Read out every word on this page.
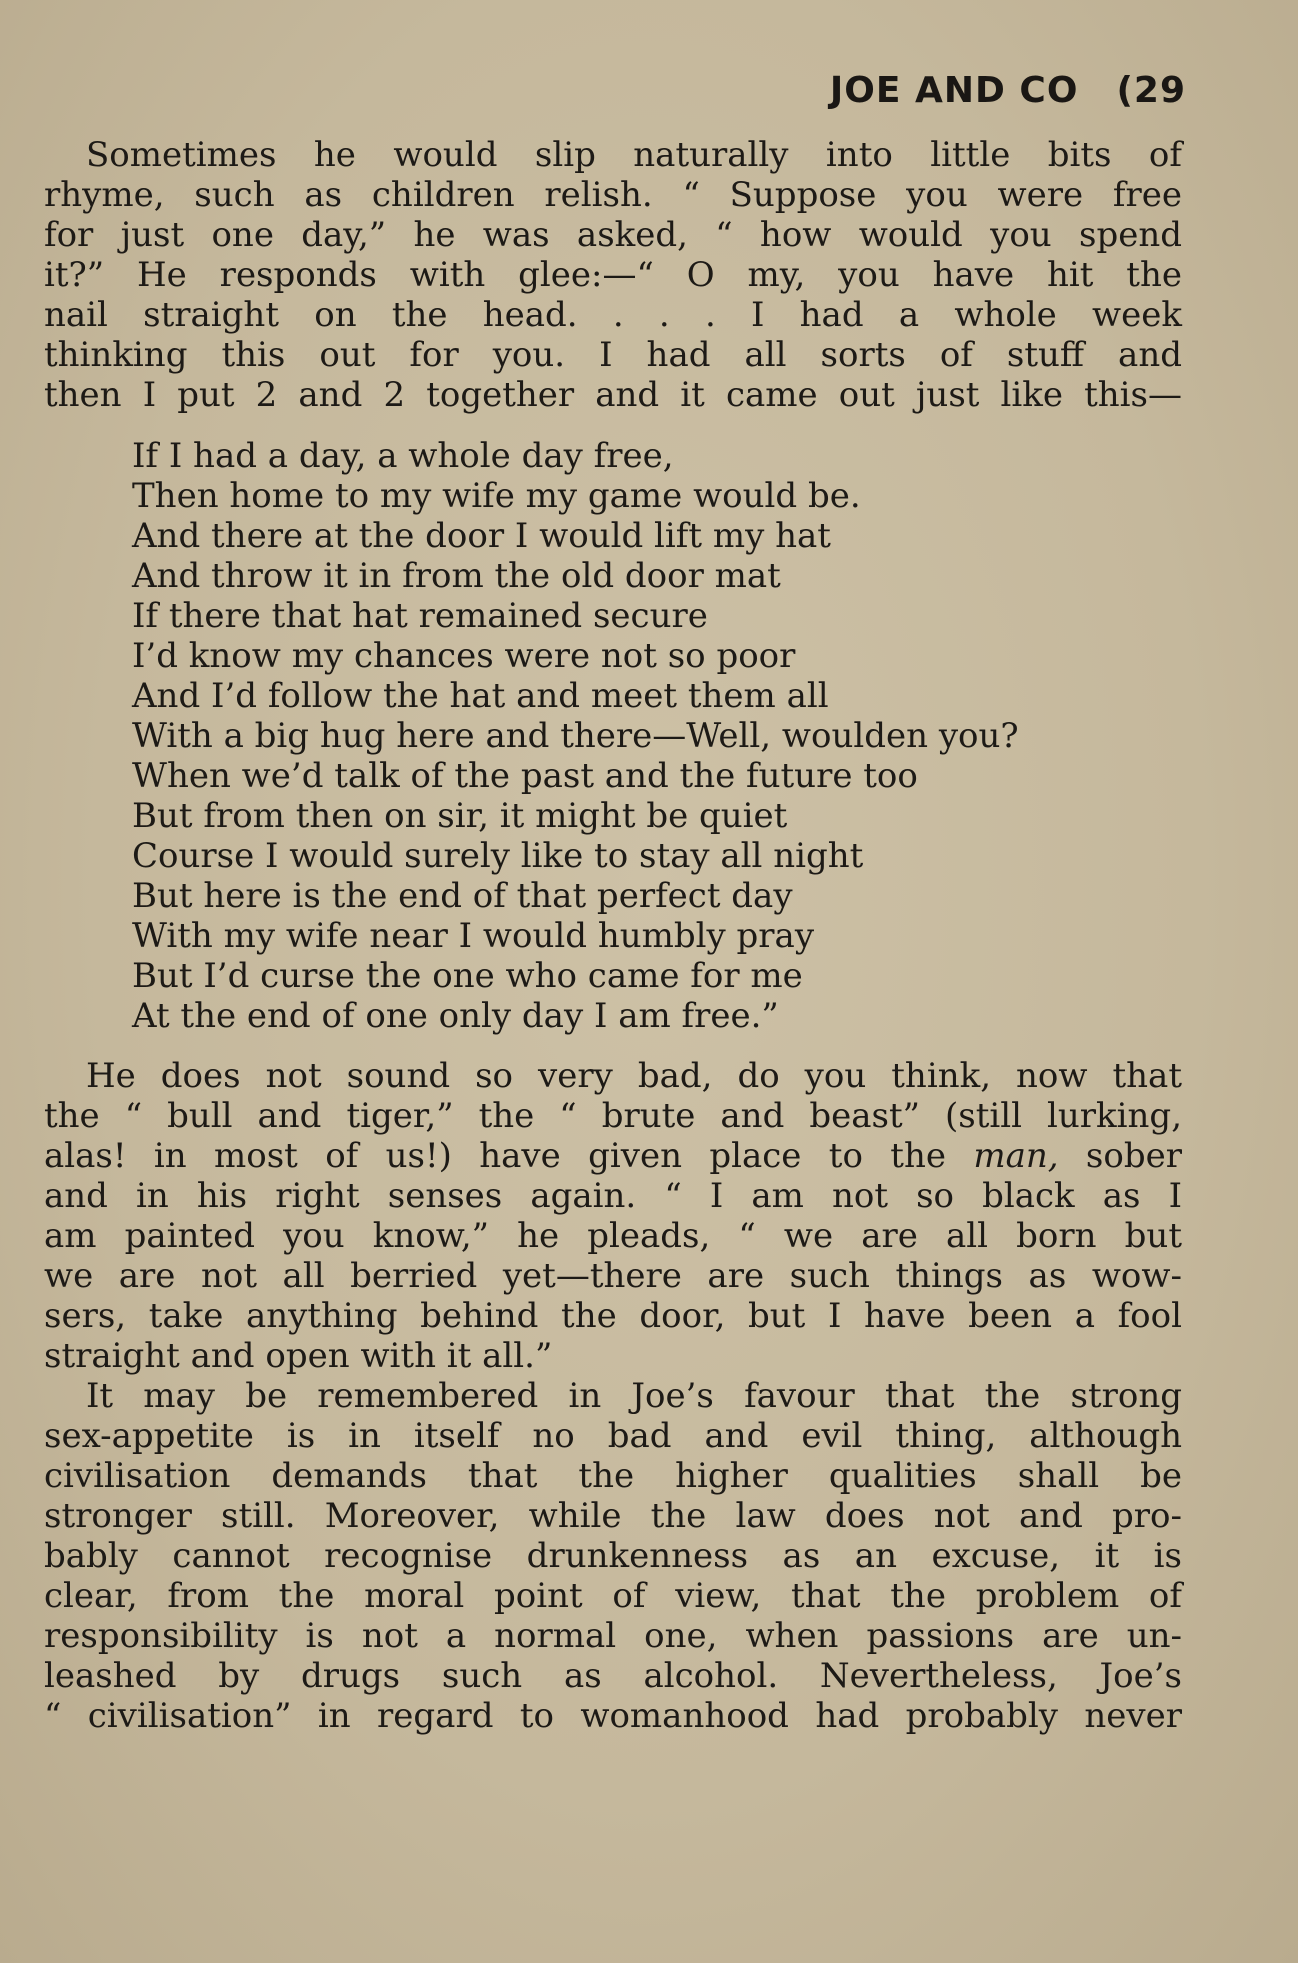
JOE AND CO (29

Sometimes he would slip naturally into little bits of

rhyme, such as children relish. “ Suppose you were free

for just one day,” he was asked, “ how would you spend

it?” He responds with glee:—“ O my, you have hit the

nail straight on the head. . . . I had a whole week

thinking this out for you. I had all sorts of stuff and

then I put 2 and 2 together and it came out just like this—

If I had a day, a whole day free,

Then home to my wife my game would be.

And there at the door I would lift my hat

And throw it in from the old door mat

If there that hat remained secure

I’d know my chances were not so poor

And I’d follow the hat and meet them all

With a big hug here and there—Well, woulden you?

When we’d talk of the past and the future too

But from then on sir, it might be quiet

Course I would surely like to stay all night

But here is the end of that perfect day

With my wife near I would humbly pray

But I’d curse the one who came for me

At the end of one only day I am free.”

He does not sound so very bad, do you think, now that

the “ bull and tiger,” the “ brute and beast” (still lurking,

alas! in most of us!) have given place to the man, sober

and in his right senses again. “ I am not so black as I

am painted you know,” he pleads, “ we are all born but

we are not all berried yet—there are such things as wow-

sers, take anything behind the door, but I have been a fool

straight and open with it all.”

It may be remembered in Joe’s favour that the strong

sex-appetite is in itself no bad and evil thing, although

civilisation demands that the higher qualities shall be

stronger still. Moreover, while the law does not and pro-

bably cannot recognise drunkenness as an excuse, it is

clear, from the moral point of view, that the problem of

responsibility is not a normal one, when passions are un-

leashed by drugs such as alcohol. Nevertheless, Joe’s

“ civilisation” in regard to womanhood had probably never
